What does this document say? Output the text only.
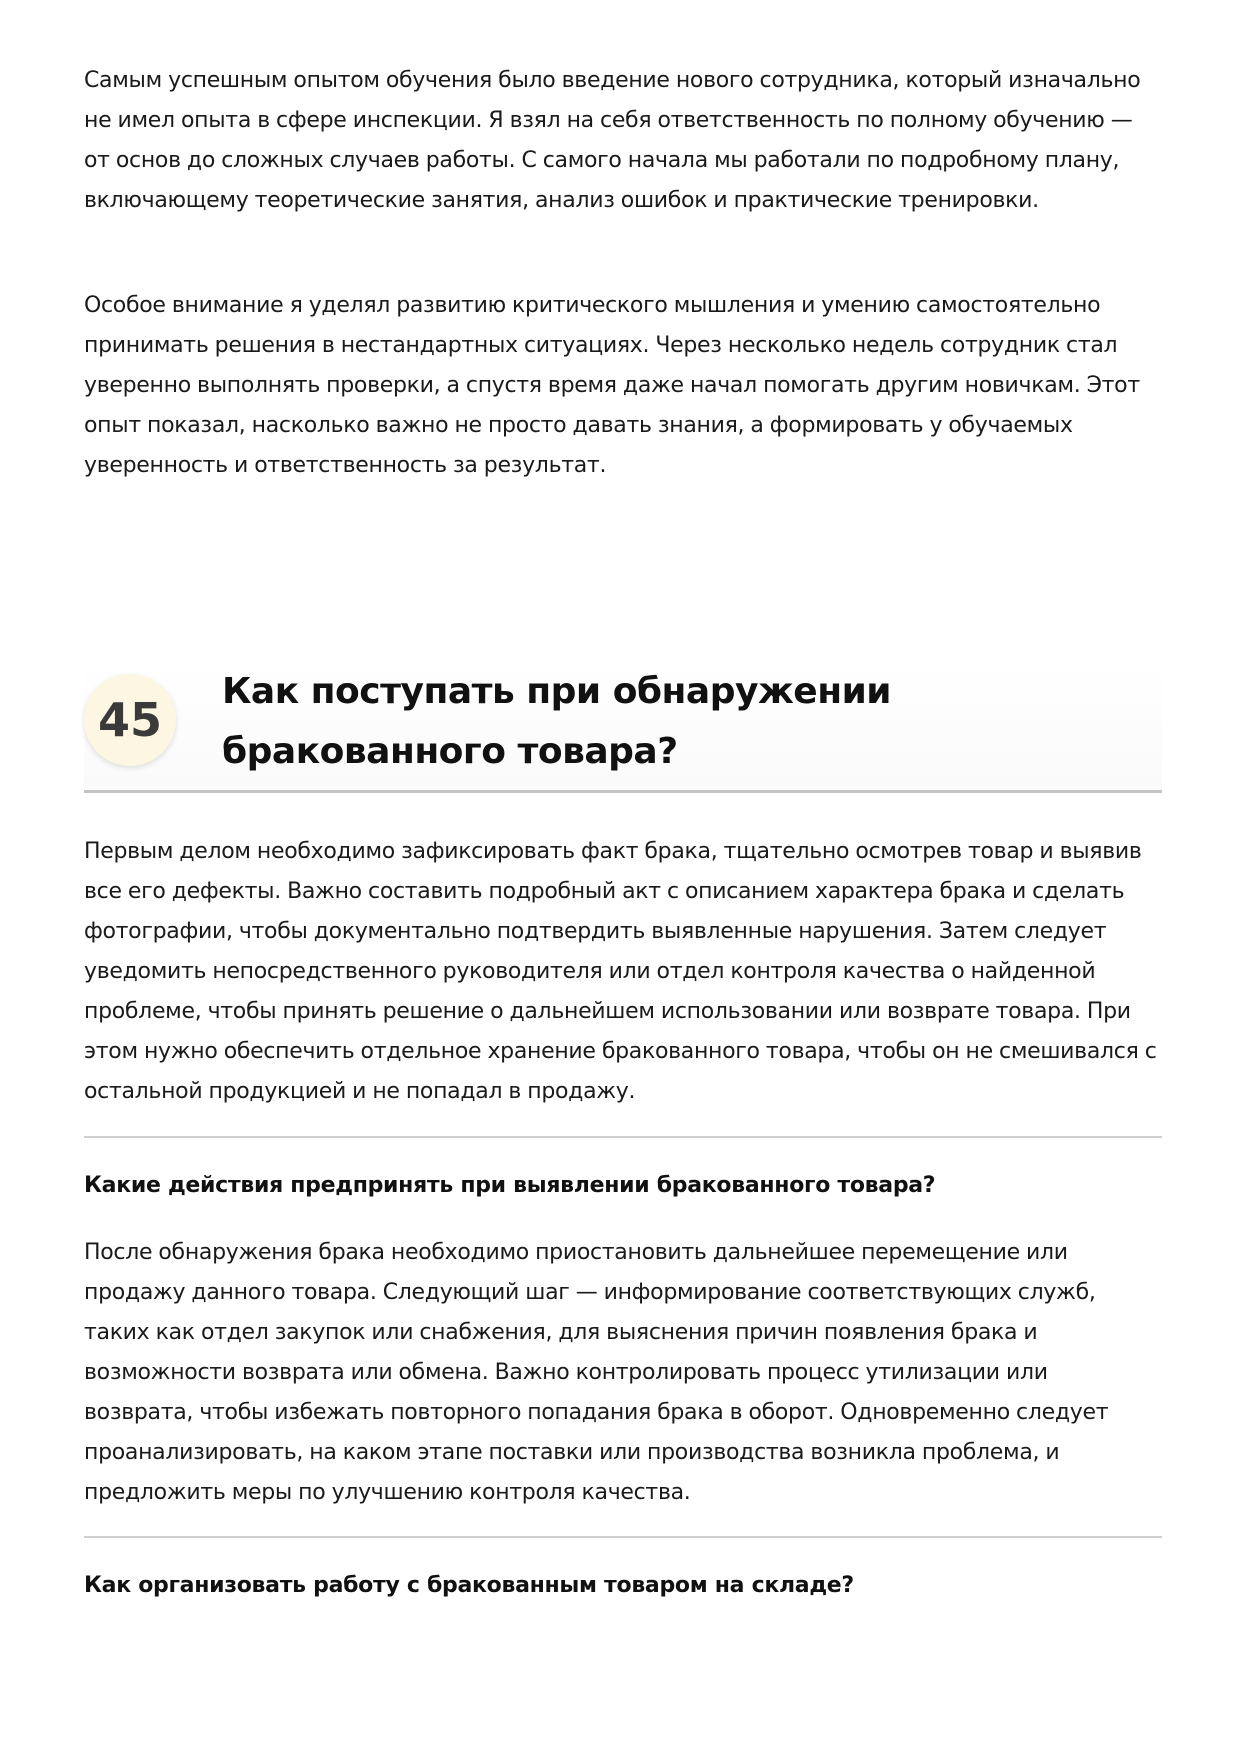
Самым успешным опытом обучения было введение нового сотрудника, который изначально не имел опыта в сфере инспекции. Я взял на себя ответственность по полному обучению — от основ до сложных случаев работы. С самого начала мы работали по подробному плану, включающему теоретические занятия, анализ ошибок и практические тренировки.

Особое внимание я уделял развитию критического мышления и умению самостоятельно принимать решения в нестандартных ситуациях. Через несколько недель сотрудник стал уверенно выполнять проверки, а спустя время даже начал помогать другим новичкам. Этот опыт показал, насколько важно не просто давать знания, а формировать у обучаемых уверенность и ответственность за результат.

45
Как поступать при обнаружении бракованного товара?

Первым делом необходимо зафиксировать факт брака, тщательно осмотрев товар и выявив все его дефекты. Важно составить подробный акт с описанием характера брака и сделать фотографии, чтобы документально подтвердить выявленные нарушения. Затем следует уведомить непосредственного руководителя или отдел контроля качества о найденной проблеме, чтобы принять решение о дальнейшем использовании или возврате товара. При этом нужно обеспечить отдельное хранение бракованного товара, чтобы он не смешивался с остальной продукцией и не попадал в продажу.

Какие действия предпринять при выявлении бракованного товара?

После обнаружения брака необходимо приостановить дальнейшее перемещение или продажу данного товара. Следующий шаг — информирование соответствующих служб, таких как отдел закупок или снабжения, для выяснения причин появления брака и возможности возврата или обмена. Важно контролировать процесс утилизации или возврата, чтобы избежать повторного попадания брака в оборот. Одновременно следует проанализировать, на каком этапе поставки или производства возникла проблема, и предложить меры по улучшению контроля качества.

Как организовать работу с бракованным товаром на складе?
